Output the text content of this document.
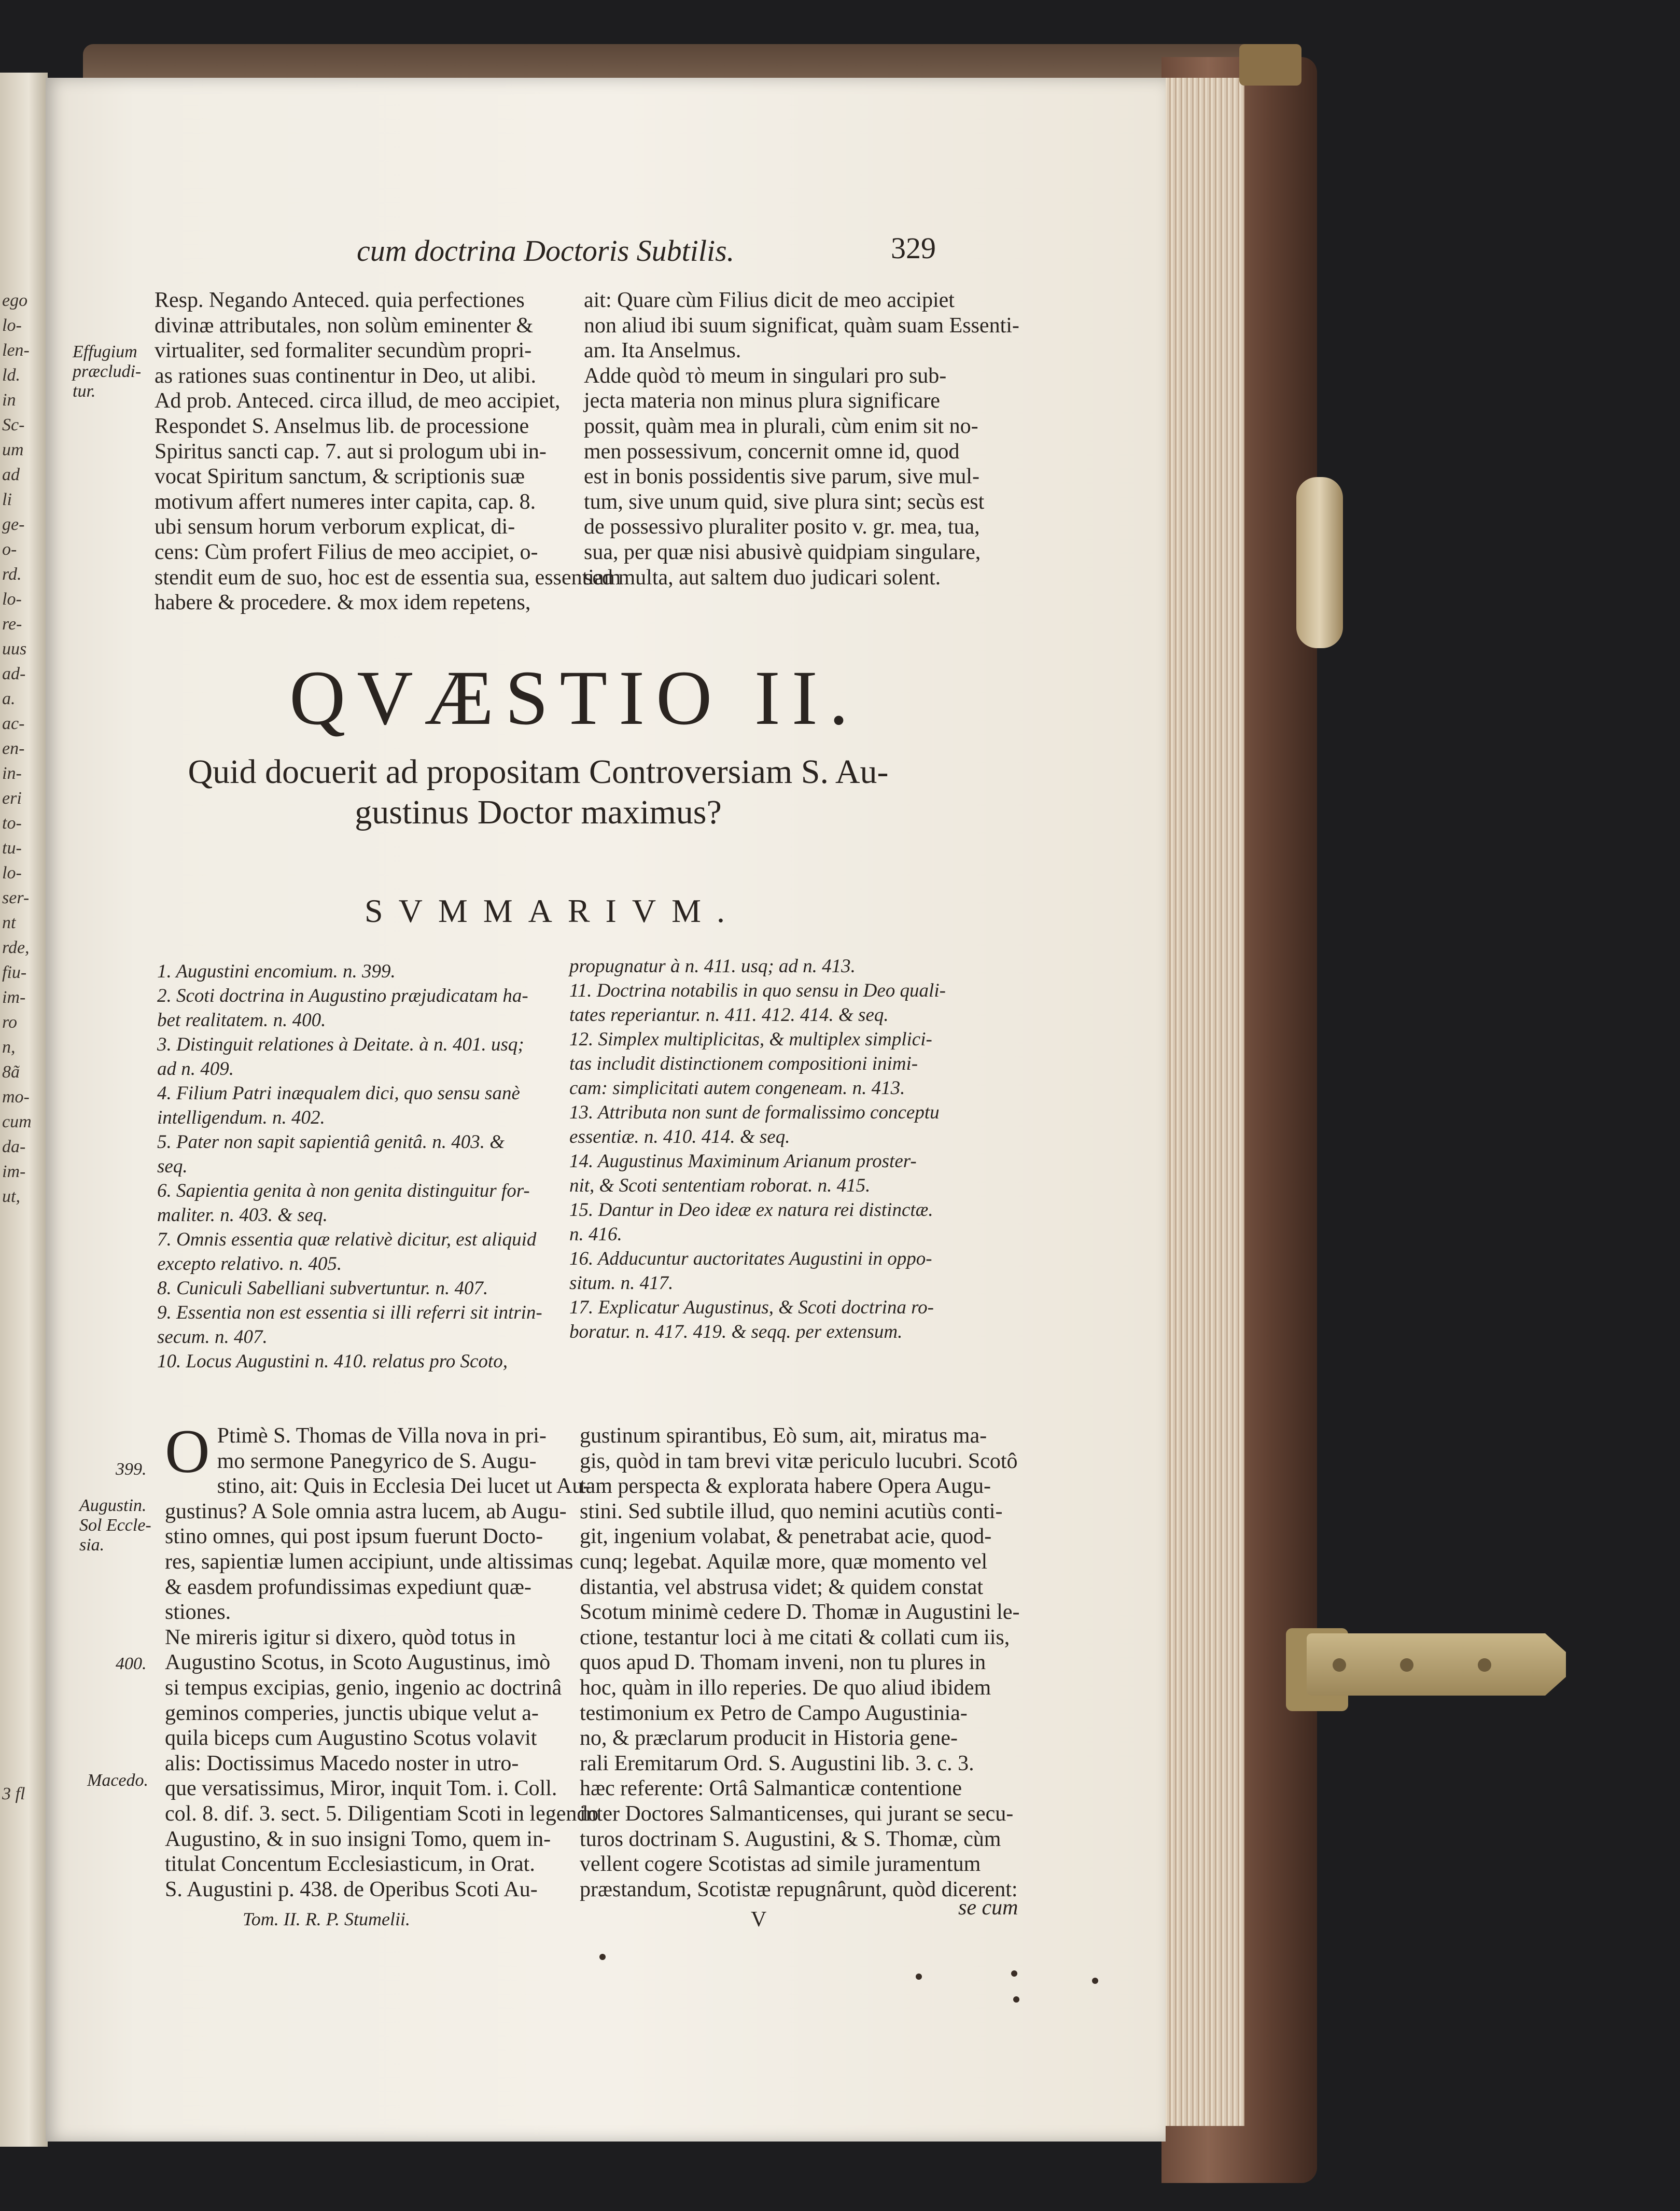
ego
lo-
len-
ld.
in
Sc-
um
ad
li
ge-
o-
rd.
lo-
re-
uus
ad-
a.
ac-
en-
in-
eri
to-
tu-
lo-
ser-
nt
rde,
fiu-
im-
ro
n,
8ã
mo-
cum
da-
im-
ut,
3 fl
cum doctrina Doctoris Subtilis.	329
Effugium
præcludi-
tur.
Resp. Negando Anteced. quia perfectiones
divinæ attributales, non solùm eminenter &
virtualiter, sed formaliter secundùm propri-
as rationes suas continentur in Deo, ut alibi.
Ad prob. Anteced. circa illud, de meo accipiet,
Respondet S. Anselmus lib. de processione
Spiritus sancti cap. 7. aut si prologum ubi in-
vocat Spiritum sanctum, & scriptionis suæ
motivum affert numeres inter capita, cap. 8.
ubi sensum horum verborum explicat, di-
cens: Cùm profert Filius de meo accipiet, o-
stendit eum de suo, hoc est de essentia sua, essentiam
habere & procedere. & mox idem repetens,
ait: Quare cùm Filius dicit de meo accipiet
non aliud ibi suum significat, quàm suam Essenti-
am. Ita Anselmus.
Adde quòd τὸ meum in singulari pro sub-
jecta materia non minus plura significare
possit, quàm mea in plurali, cùm enim sit no-
men possessivum, concernit omne id, quod
est in bonis possidentis sive parum, sive mul-
tum, sive unum quid, sive plura sint; secùs est
de possessivo pluraliter posito v. gr. mea, tua,
sua, per quæ nisi abusivè quidpiam singulare,
sed multa, aut saltem duo judicari solent.
QVÆSTIO II.
Quid docuerit ad propositam Controversiam S. Au-
gustinus Doctor maximus?
SVMMARIVM.
1. Augustini encomium. n. 399.
2. Scoti doctrina in Augustino præjudicatam ha-
bet realitatem. n. 400.
3. Distinguit relationes à Deitate. à n. 401. usq;
ad n. 409.
4. Filium Patri inæqualem dici, quo sensu sanè
intelligendum. n. 402.
5. Pater non sapit sapientiâ genitâ. n. 403. &
seq.
6. Sapientia genita à non genita distinguitur for-
maliter. n. 403. & seq.
7. Omnis essentia quæ relativè dicitur, est aliquid
excepto relativo. n. 405.
8. Cuniculi Sabelliani subvertuntur. n. 407.
9. Essentia non est essentia si illi referri sit intrin-
secum. n. 407.
10. Locus Augustini n. 410. relatus pro Scoto,
propugnatur à n. 411. usq; ad n. 413.
11. Doctrina notabilis in quo sensu in Deo quali-
tates reperiantur. n. 411. 412. 414. & seq.
12. Simplex multiplicitas, & multiplex simplici-
tas includit distinctionem compositioni inimi-
cam: simplicitati autem congeneam. n. 413.
13. Attributa non sunt de formalissimo conceptu
essentiæ. n. 410. 414. & seq.
14. Augustinus Maximinum Arianum proster-
nit, & Scoti sententiam roborat. n. 415.
15. Dantur in Deo ideæ ex natura rei distinctæ.
n. 416.
16. Adducuntur auctoritates Augustini in oppo-
situm. n. 417.
17. Explicatur Augustinus, & Scoti doctrina ro-
boratur. n. 417. 419. & seqq. per extensum.
399.
Augustin.
Sol Eccle-
sia.
400.
Macedo.
O Ptimè S. Thomas de Villa nova in pri-
mo sermone Panegyrico de S. Augu-
stino, ait: Quis in Ecclesia Dei lucet ut Au-
gustinus? A Sole omnia astra lucem, ab Augu-
stino omnes, qui post ipsum fuerunt Docto-
res, sapientiæ lumen accipiunt, unde altissimas
& easdem profundissimas expediunt quæ-
stiones.
Ne mireris igitur si dixero, quòd totus in
Augustino Scotus, in Scoto Augustinus, imò
si tempus excipias, genio, ingenio ac doctrinâ
geminos comperies, junctis ubique velut a-
quila biceps cum Augustino Scotus volavit
alis: Doctissimus Macedo noster in utro-
que versatissimus, Miror, inquit Tom. i. Coll.
col. 8. dif. 3. sect. 5. Diligentiam Scoti in legendo
Augustino, & in suo insigni Tomo, quem in-
titulat Concentum Ecclesiasticum, in Orat.
S. Augustini p. 438. de Operibus Scoti Au-
gustinum spirantibus, Eò sum, ait, miratus ma-
gis, quòd in tam brevi vitæ periculo lucubri. Scotô
tam perspecta & explorata habere Opera Augu-
stini. Sed subtile illud, quo nemini acutiùs conti-
git, ingenium volabat, & penetrabat acie, quod-
cunq; legebat. Aquilæ more, quæ momento vel
distantia, vel abstrusa videt; & quidem constat
Scotum minimè cedere D. Thomæ in Augustini le-
ctione, testantur loci à me citati & collati cum iis,
quos apud D. Thomam inveni, non tu plures in
hoc, quàm in illo reperies. De quo aliud ibidem
testimonium ex Petro de Campo Augustinia-
no, & præclarum producit in Historia gene-
rali Eremitarum Ord. S. Augustini lib. 3. c. 3.
hæc referente: Ortâ Salmanticæ contentione
inter Doctores Salmanticenses, qui jurant se secu-
turos doctrinam S. Augustini, & S. Thomæ, cùm
vellent cogere Scotistas ad simile juramentum
præstandum, Scotistæ repugnârunt, quòd dicerent:
Tom. II. R. P. Stumelii.	se cum
V
